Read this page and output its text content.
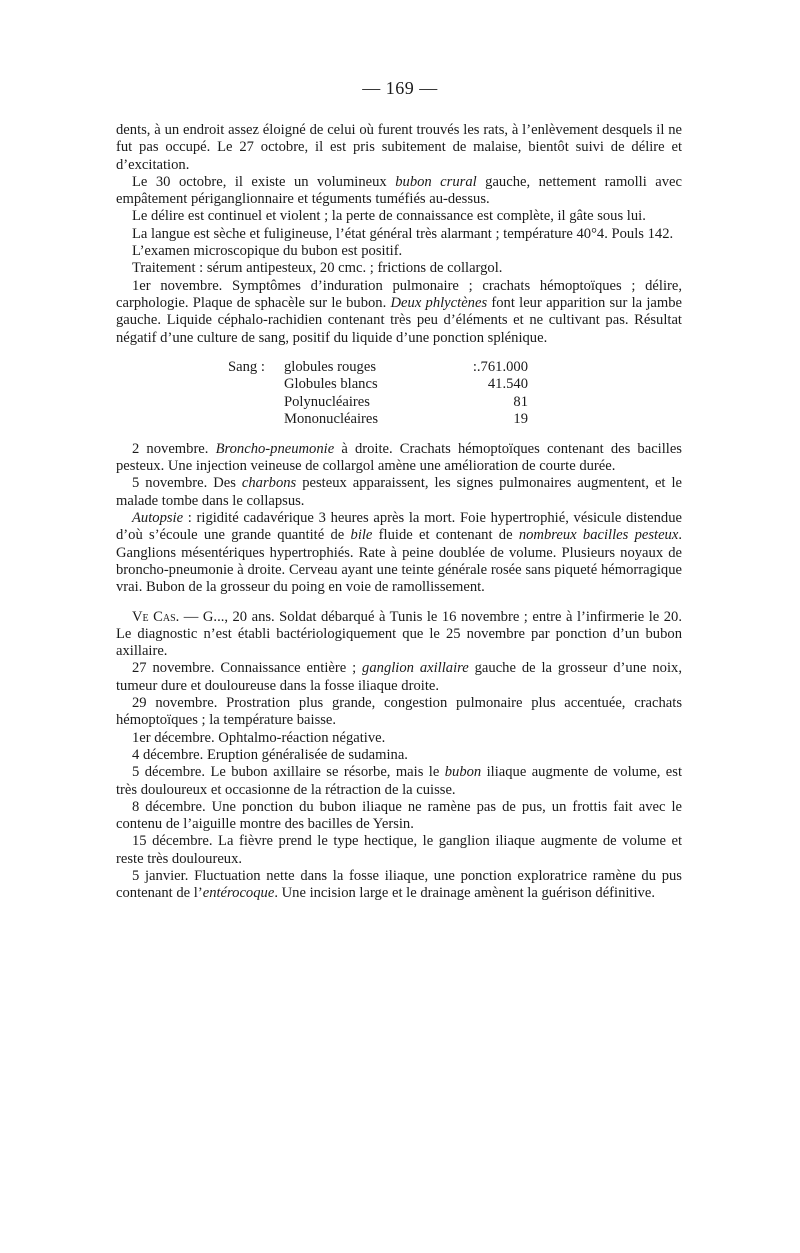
— 169 —

dents, à un endroit assez éloigné de celui où furent trouvés les rats, à l’enlèvement desquels il ne fut pas occupé. Le 27 octobre, il est pris subitement de malaise, bientôt suivi de délire et d’excitation.

Le 30 octobre, il existe un volumineux bubon crural gauche, nettement ramolli avec empâtement périganglionnaire et téguments tuméfiés au-dessus.

Le délire est continuel et violent ; la perte de connaissance est complète, il gâte sous lui.

La langue est sèche et fuligineuse, l’état général très alarmant ; température 40°4. Pouls 142.

L’examen microscopique du bubon est positif.

Traitement : sérum antipesteux, 20 cmc. ; frictions de collargol.

1er novembre. Symptômes d’induration pulmonaire ; crachats hémoptoïques ; délire, carphologie. Plaque de sphacèle sur le bubon. Deux phlyctènes font leur apparition sur la jambe gauche. Liquide céphalo-rachidien contenant très peu d’éléments et ne cultivant pas. Résultat négatif d’une culture de sang, positif du liquide d’une ponction splénique.

Sang :	globules rouges	:.761.000
	Globules blancs	41.540
	Polynucléaires	81
	Mononucléaires	19

2 novembre. Broncho-pneumonie à droite. Crachats hémoptoïques contenant des bacilles pesteux. Une injection veineuse de collargol amène une amélioration de courte durée.

5 novembre. Des charbons pesteux apparaissent, les signes pulmonaires augmentent, et le malade tombe dans le collapsus.

Autopsie : rigidité cadavérique 3 heures après la mort. Foie hypertrophié, vésicule distendue d’où s’écoule une grande quantité de bile fluide et contenant de nombreux bacilles pesteux. Ganglions mésentériques hypertrophiés. Rate à peine doublée de volume. Plusieurs noyaux de broncho-pneumonie à droite. Cerveau ayant une teinte générale rosée sans piqueté hémorragique vrai. Bubon de la grosseur du poing en voie de ramollissement.

Ve Cas. — G..., 20 ans. Soldat débarqué à Tunis le 16 novembre ; entre à l’infirmerie le 20. Le diagnostic n’est établi bactériologiquement que le 25 novembre par ponction d’un bubon axillaire.

27 novembre. Connaissance entière ; ganglion axillaire gauche de la grosseur d’une noix, tumeur dure et douloureuse dans la fosse iliaque droite.

29 novembre. Prostration plus grande, congestion pulmonaire plus accentuée, crachats hémoptoïques ; la température baisse.

1er décembre. Ophtalmo-réaction négative.

4 décembre. Eruption généralisée de sudamina.

5 décembre. Le bubon axillaire se résorbe, mais le bubon iliaque augmente de volume, est très douloureux et occasionne de la rétraction de la cuisse.

8 décembre. Une ponction du bubon iliaque ne ramène pas de pus, un frottis fait avec le contenu de l’aiguille montre des bacilles de Yersin.

15 décembre. La fièvre prend le type hectique, le ganglion iliaque augmente de volume et reste très douloureux.

5 janvier. Fluctuation nette dans la fosse iliaque, une ponction exploratrice ramène du pus contenant de l’entérocoque. Une incision large et le drainage amènent la guérison définitive.
